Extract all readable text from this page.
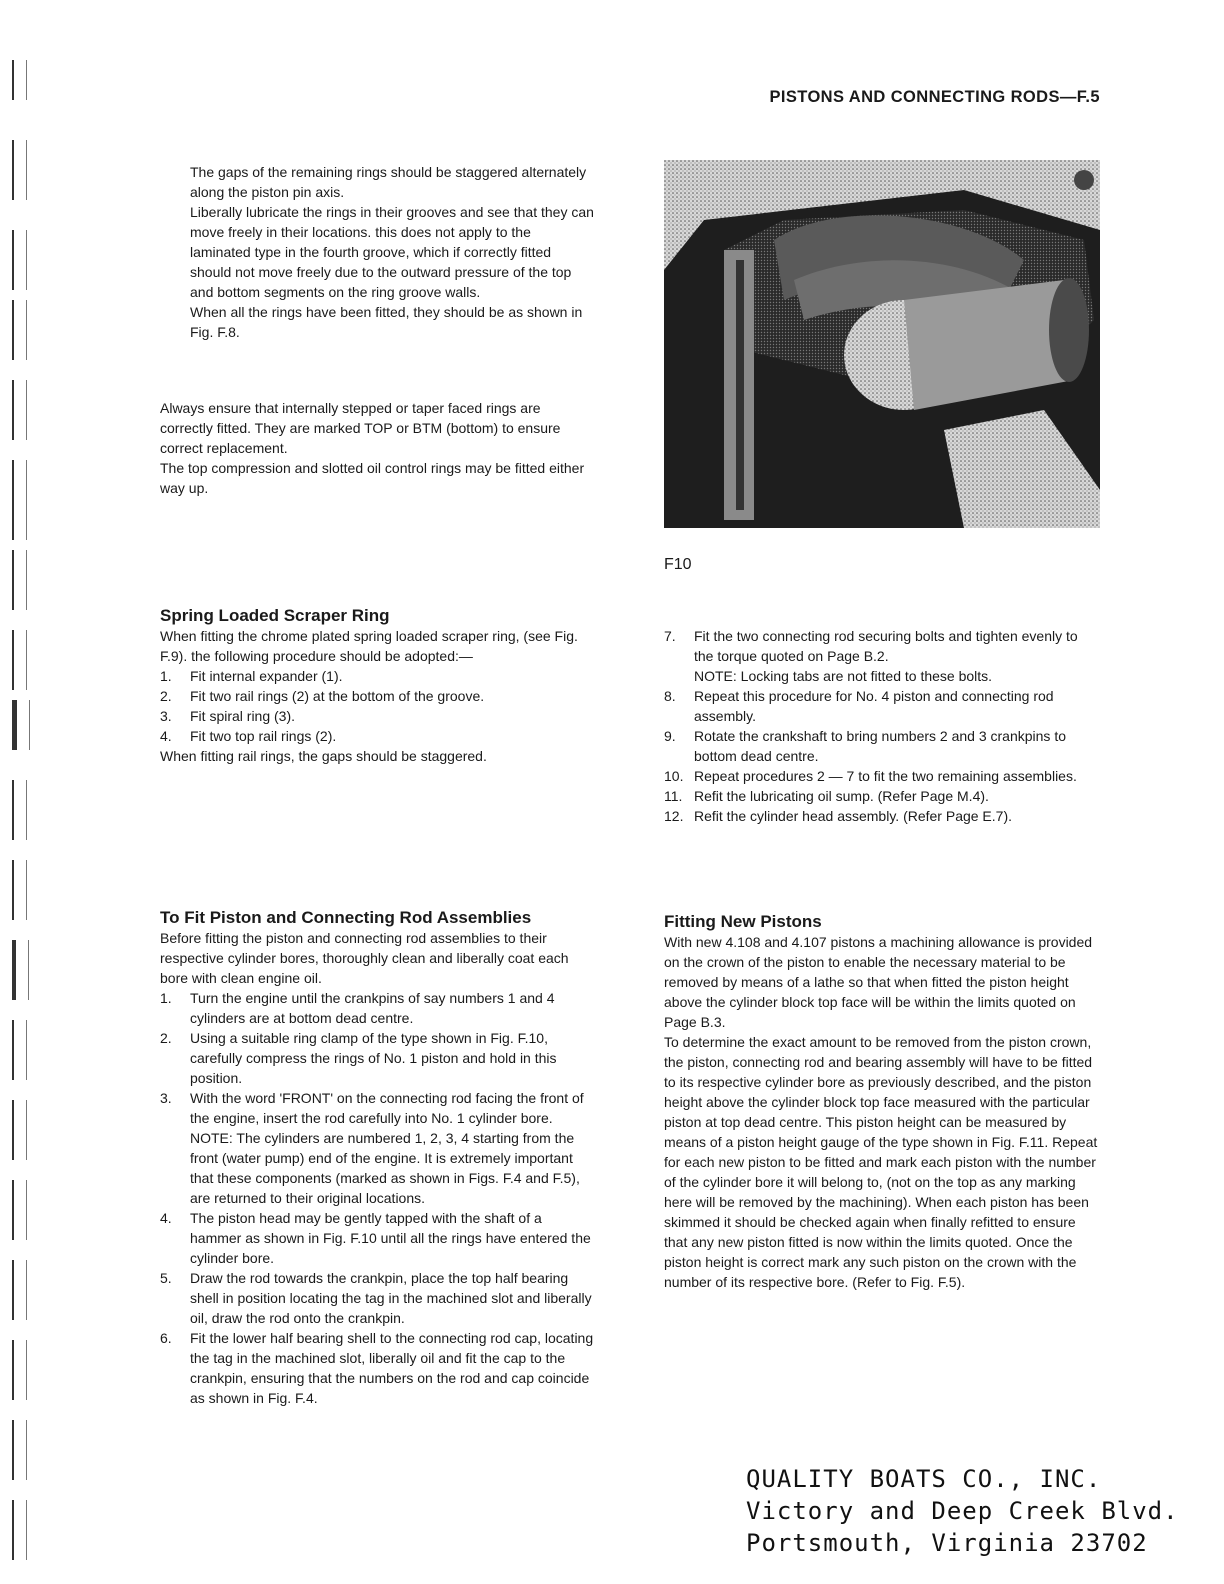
PISTONS AND CONNECTING RODS—F.5

The gaps of the remaining rings should be staggered alternately along the piston pin axis.

Liberally lubricate the rings in their grooves and see that they can move freely in their locations. this does not apply to the laminated type in the fourth groove, which if correctly fitted should not move freely due to the outward pressure of the top and bottom segments on the ring groove walls.

When all the rings have been fitted, they should be as shown in Fig. F.8.

Always ensure that internally stepped or taper faced rings are correctly fitted. They are marked TOP or BTM (bottom) to ensure correct replacement.

The top compression and slotted oil control rings may be fitted either way up.

F10

Spring Loaded Scraper Ring

When fitting the chrome plated spring loaded scraper ring, (see Fig. F.9). the following procedure should be adopted:—

1. Fit internal expander (1).
2. Fit two rail rings (2) at the bottom of the groove.
3. Fit spiral ring (3).
4. Fit two top rail rings (2).

When fitting rail rings, the gaps should be staggered.

7. Fit the two connecting rod securing bolts and tighten evenly to the torque quoted on Page B.2.
NOTE: Locking tabs are not fitted to these bolts.
8. Repeat this procedure for No. 4 piston and connecting rod assembly.
9. Rotate the crankshaft to bring numbers 2 and 3 crankpins to bottom dead centre.
10. Repeat procedures 2 — 7 to fit the two remaining assemblies.
11. Refit the lubricating oil sump. (Refer Page M.4).
12. Refit the cylinder head assembly. (Refer Page E.7).

To Fit Piston and Connecting Rod Assemblies

Before fitting the piston and connecting rod assemblies to their respective cylinder bores, thoroughly clean and liberally coat each bore with clean engine oil.

1. Turn the engine until the crankpins of say numbers 1 and 4 cylinders are at bottom dead centre.
2. Using a suitable ring clamp of the type shown in Fig. F.10, carefully compress the rings of No. 1 piston and hold in this position.
3. With the word 'FRONT' on the connecting rod facing the front of the engine, insert the rod carefully into No. 1 cylinder bore.
NOTE: The cylinders are numbered 1, 2, 3, 4 starting from the front (water pump) end of the engine. It is extremely important that these components (marked as shown in Figs. F.4 and F.5), are returned to their original locations.
4. The piston head may be gently tapped with the shaft of a hammer as shown in Fig. F.10 until all the rings have entered the cylinder bore.
5. Draw the rod towards the crankpin, place the top half bearing shell in position locating the tag in the machined slot and liberally oil, draw the rod onto the crankpin.
6. Fit the lower half bearing shell to the connecting rod cap, locating the tag in the machined slot, liberally oil and fit the cap to the crankpin, ensuring that the numbers on the rod and cap coincide as shown in Fig. F.4.

Fitting New Pistons

With new 4.108 and 4.107 pistons a machining allowance is provided on the crown of the piston to enable the necessary material to be removed by means of a lathe so that when fitted the piston height above the cylinder block top face will be within the limits quoted on Page B.3.

To determine the exact amount to be removed from the piston crown, the piston, connecting rod and bearing assembly will have to be fitted to its respective cylinder bore as previously described, and the piston height above the cylinder block top face measured with the particular piston at top dead centre. This piston height can be measured by means of a piston height gauge of the type shown in Fig. F.11. Repeat for each new piston to be fitted and mark each piston with the number of the cylinder bore it will belong to, (not on the top as any marking here will be removed by the machining). When each piston has been skimmed it should be checked again when finally refitted to ensure that any new piston fitted is now within the limits quoted. Once the piston height is correct mark any such piston on the crown with the number of its respective bore. (Refer to Fig. F.5).

QUALITY BOATS CO., INC.
Victory and Deep Creek Blvd.
Portsmouth, Virginia 23702
